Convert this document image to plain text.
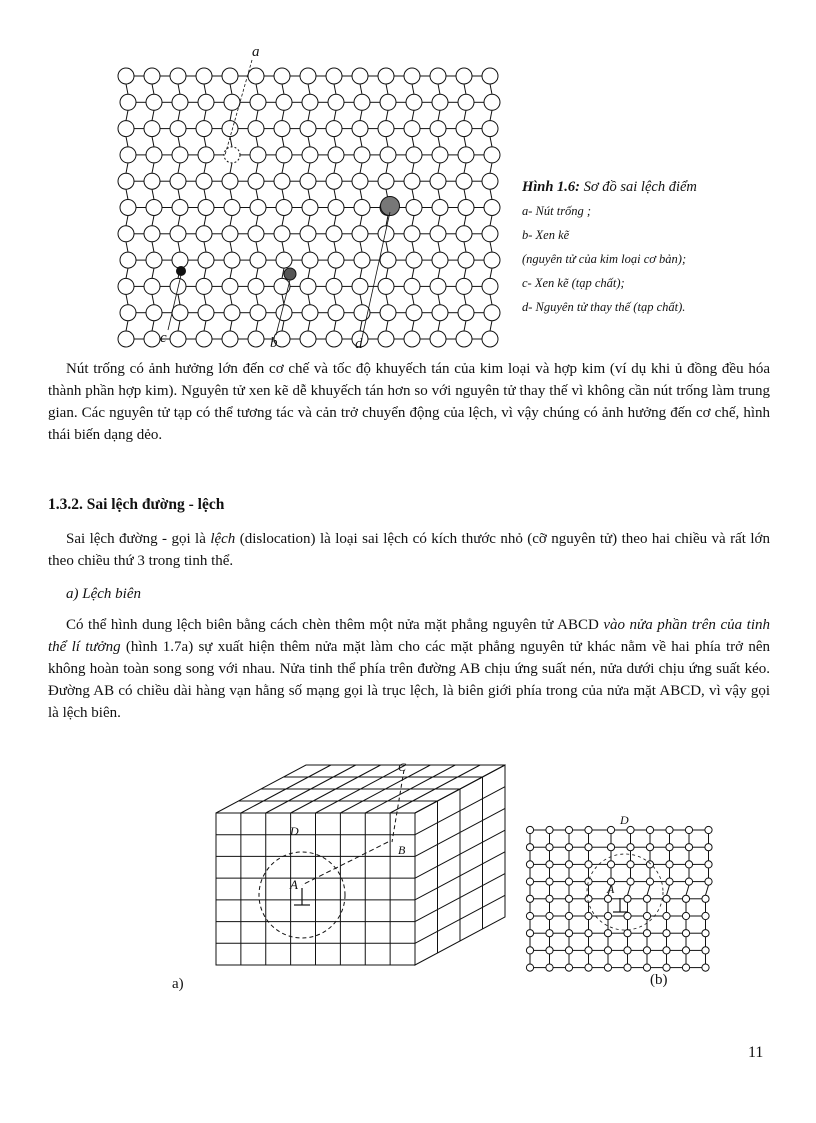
a
c	b	d
Hình 1.6: Sơ đồ sai lệch điểm
a- Nút trống ;
b- Xen kẽ
(nguyên tử của kim loại cơ bản);
c- Xen kẽ (tạp chất);
d- Nguyên tử thay thế (tạp chất).

Nút trống có ảnh hưởng lớn đến cơ chế và tốc độ khuyếch tán của kim loại và hợp kim (ví dụ khi ủ đồng đều hóa thành phần hợp kim). Nguyên tử xen kẽ dễ khuyếch tán hơn so với nguyên tử thay thế vì không cần nút trống làm trung gian. Các nguyên tử tạp có thể tương tác và cản trở chuyển động của lệch, vì vậy chúng có ảnh hưởng đến cơ chế, hình thái biến dạng dẻo.

1.3.2. Sai lệch đường - lệch

Sai lệch đường - gọi là lệch (dislocation) là loại sai lệch có kích thước nhỏ (cỡ nguyên tử) theo hai chiều và rất lớn theo chiều thứ 3 trong tinh thể.

a) Lệch biên

Có thể hình dung lệch biên bằng cách chèn thêm một nửa mặt phẳng nguyên tử ABCD vào nửa phần trên của tinh thể lí tưởng (hình 1.7a) sự xuất hiện thêm nửa mặt làm cho các mặt phẳng nguyên tử khác nằm về hai phía trở nên không hoàn toàn song song với nhau. Nửa tinh thể phía trên đường AB chịu ứng suất nén, nửa dưới chịu ứng suất kéo. Đường AB có chiều dài hàng vạn hằng số mạng gọi là trục lệch, là biên giới phía trong của nửa mặt ABCD, vì vậy gọi là lệch biên.

A
B
C
D
A
D
a)	(b)
11
